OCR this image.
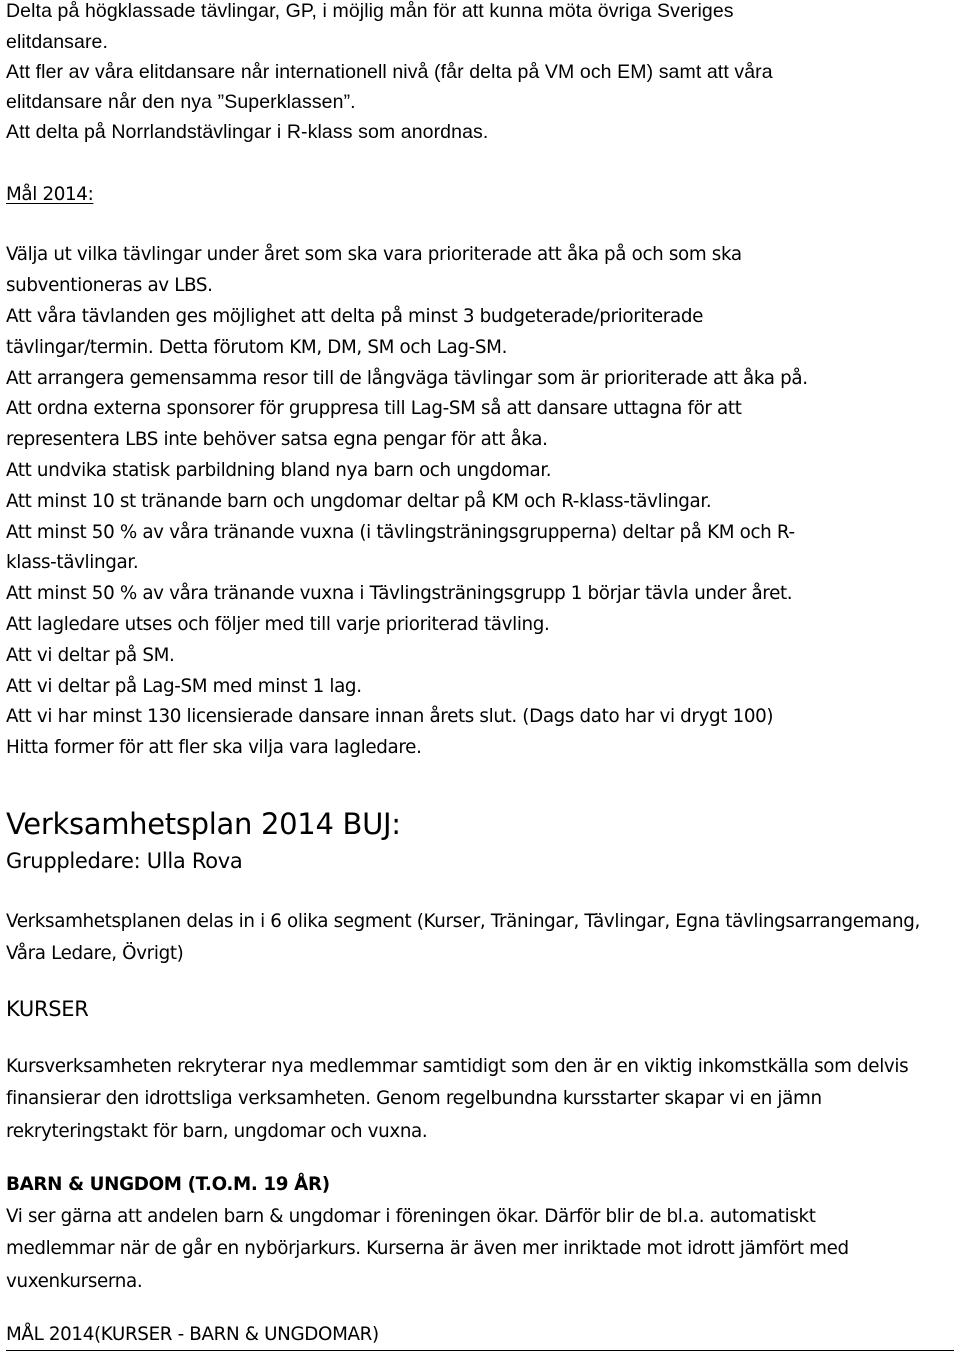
Delta på högklassade tävlingar, GP, i möjlig mån för att kunna möta övriga Sveriges

elitdansare.

Att fler av våra elitdansare når internationell nivå (får delta på VM och EM) samt att våra

elitdansare når den nya ”Superklassen”.

Att delta på Norrlandstävlingar i R-klass som anordnas.

Mål 2014:

Välja ut vilka tävlingar under året som ska vara prioriterade att åka på och som ska

subventioneras av LBS.

Att våra tävlanden ges möjlighet att delta på minst 3 budgeterade/prioriterade

tävlingar/termin. Detta förutom KM, DM, SM och Lag-SM.

Att arrangera gemensamma resor till de långväga tävlingar som är prioriterade att åka på.

Att ordna externa sponsorer för gruppresa till Lag-SM så att dansare uttagna för att

representera LBS inte behöver satsa egna pengar för att åka.

Att undvika statisk parbildning bland nya barn och ungdomar.

Att minst 10 st tränande barn och ungdomar deltar på KM och R-klass-tävlingar.

Att minst 50 % av våra tränande vuxna (i tävlingsträningsgrupperna) deltar på KM och R-

klass-tävlingar.

Att minst 50 % av våra tränande vuxna i Tävlingsträningsgrupp 1 börjar tävla under året.

Att lagledare utses och följer med till varje prioriterad tävling.

Att vi deltar på SM.

Att vi deltar på Lag-SM med minst 1 lag.

Att vi har minst 130 licensierade dansare innan årets slut. (Dags dato har vi drygt 100)

Hitta former för att fler ska vilja vara lagledare.

Verksamhetsplan 2014 BUJ:

Gruppledare: Ulla Rova

Verksamhetsplanen delas in i 6 olika segment (Kurser, Träningar, Tävlingar, Egna tävlingsarrangemang,

Våra Ledare, Övrigt)

KURSER

Kursverksamheten rekryterar nya medlemmar samtidigt som den är en viktig inkomstkälla som delvis

finansierar den idrottsliga verksamheten. Genom regelbundna kursstarter skapar vi en jämn

rekryteringstakt för barn, ungdomar och vuxna.

BARN & UNGDOM (T.O.M. 19 ÅR)

Vi ser gärna att andelen barn & ungdomar i föreningen ökar. Därför blir de bl.a. automatiskt

medlemmar när de går en nybörjarkurs. Kurserna är även mer inriktade mot idrott jämfört med

vuxenkurserna.

MÅL 2014(KURSER - BARN & UNGDOMAR)
